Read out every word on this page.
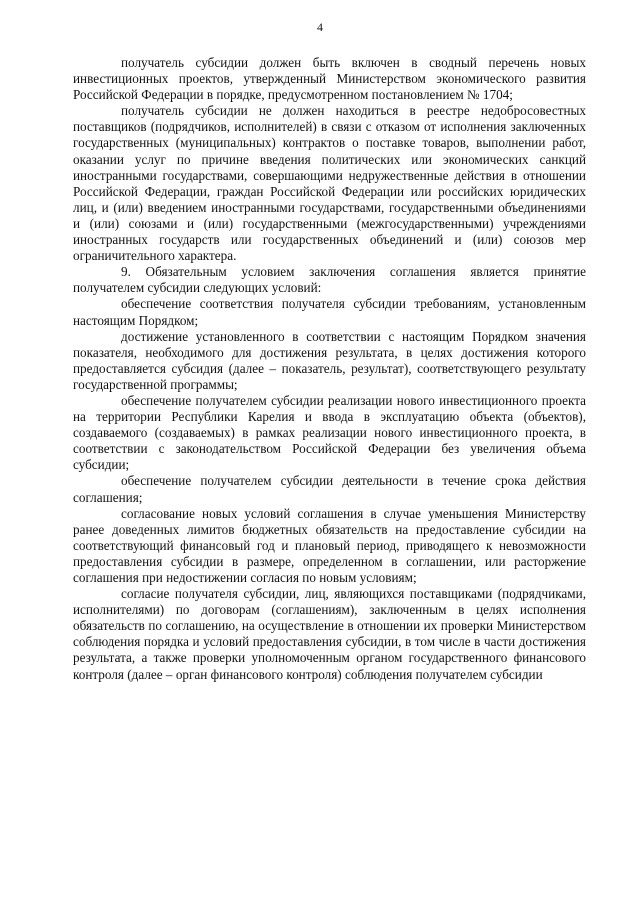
4

получатель субсидии должен быть включен в сводный перечень новых инвестиционных проектов, утвержденный Министерством экономического развития Российской Федерации в порядке, предусмотренном постановлением № 1704;

получатель субсидии не должен находиться в реестре недобросовестных поставщиков (подрядчиков, исполнителей) в связи с отказом от исполнения заключенных государственных (муниципальных) контрактов о поставке товаров, выполнении работ, оказании услуг по причине введения политических или экономических санкций иностранными государствами, совершающими недружественные действия в отношении Российской Федерации, граждан Российской Федерации или российских юридических лиц, и (или) введением иностранными государствами, государственными объединениями и (или) союзами и (или) государственными (межгосударственными) учреждениями иностранных государств или государственных объединений и (или) союзов мер ограничительного характера.

9. Обязательным условием заключения соглашения является принятие получателем субсидии следующих условий:

обеспечение соответствия получателя субсидии требованиям, установленным настоящим Порядком;

достижение установленного в соответствии с настоящим Порядком значения показателя, необходимого для достижения результата, в целях достижения которого предоставляется субсидия (далее – показатель, результат), соответствующего результату государственной программы;

обеспечение получателем субсидии реализации нового инвестиционного проекта на территории Республики Карелия и ввода в эксплуатацию объекта (объектов), создаваемого (создаваемых) в рамках реализации нового инвестиционного проекта, в соответствии с законодательством Российской Федерации без увеличения объема субсидии;

обеспечение получателем субсидии деятельности в течение срока действия соглашения;

согласование новых условий соглашения в случае уменьшения Министерству ранее доведенных лимитов бюджетных обязательств на предоставление субсидии на соответствующий финансовый год и плановый период, приводящего к невозможности предоставления субсидии в размере, определенном в соглашении, или расторжение соглашения при недостижении согласия по новым условиям;

согласие получателя субсидии, лиц, являющихся поставщиками (подрядчиками, исполнителями) по договорам (соглашениям), заключенным в целях исполнения обязательств по соглашению, на осуществление в отношении их проверки Министерством соблюдения порядка и условий предоставления субсидии, в том числе в части достижения результата, а также проверки уполномоченным органом государственного финансового контроля (далее – орган финансового контроля) соблюдения получателем субсидии
